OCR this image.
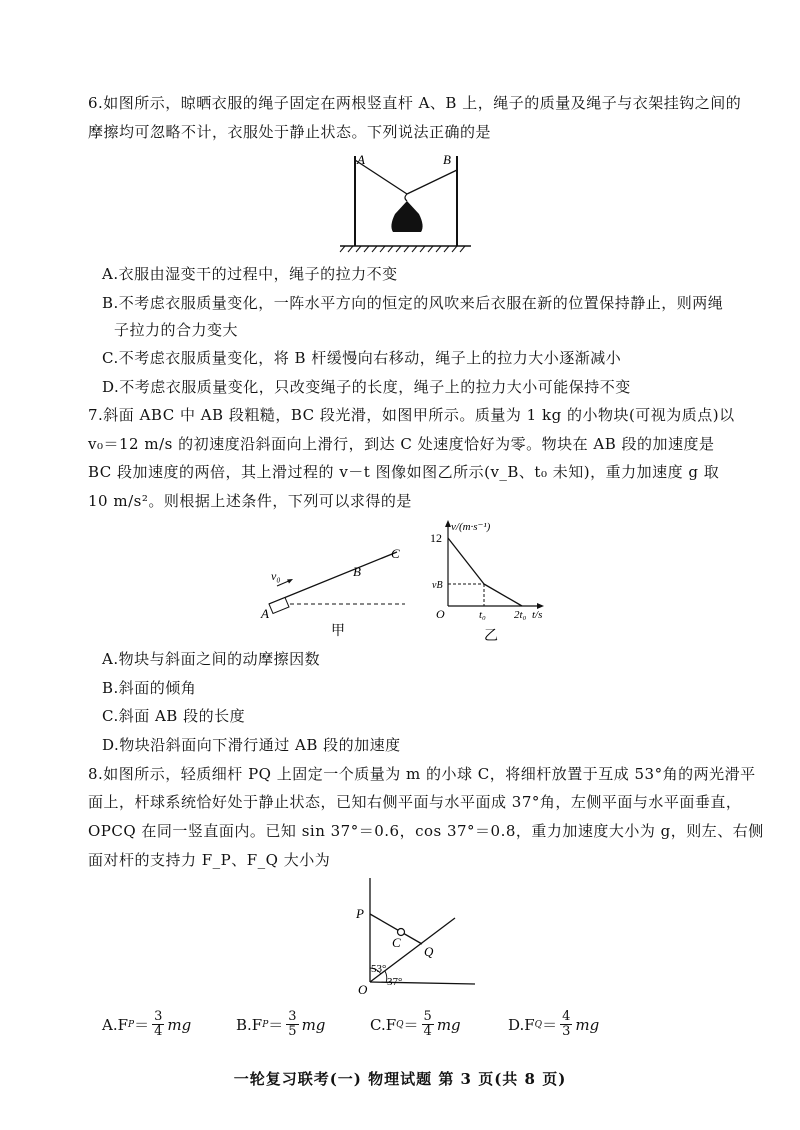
6.如图所示，晾晒衣服的绳子固定在两根竖直杆 A、B 上，绳子的质量及绳子与衣架挂钩之间的
摩擦均可忽略不计，衣服处于静止状态。下列说法正确的是
A	B
A.衣服由湿变干的过程中，绳子的拉力不变
B.不考虑衣服质量变化，一阵水平方向的恒定的风吹来后衣服在新的位置保持静止，则两绳
子拉力的合力变大
C.不考虑衣服质量变化，将 B 杆缓慢向右移动，绳子上的拉力大小逐渐减小
D.不考虑衣服质量变化，只改变绳子的长度，绳子上的拉力大小可能保持不变
7.斜面 ABC 中 AB 段粗糙，BC 段光滑，如图甲所示。质量为 1 kg 的小物块(可视为质点)以
v₀＝12 m/s 的初速度沿斜面向上滑行，到达 C 处速度恰好为零。物块在 AB 段的加速度是
BC 段加速度的两倍，其上滑过程的 v－t 图像如图乙所示(v_B、t₀ 未知)，重力加速度 g 取
10 m/s²。则根据上述条件，下列可以求得的是
v₀
A
B
C
甲
v/(m·s⁻¹)
12
vB
O	t₀	2t₀ t/s
乙
A.物块与斜面之间的动摩擦因数
B.斜面的倾角
C.斜面 AB 段的长度
D.物块沿斜面向下滑行通过 AB 段的加速度
8.如图所示，轻质细杆 PQ 上固定一个质量为 m 的小球 C，将细杆放置于互成 53°角的两光滑平
面上，杆球系统恰好处于静止状态，已知右侧平面与水平面成 37°角，左侧平面与水平面垂直，
OPCQ 在同一竖直面内。已知 sin 37°＝0.6，cos 37°＝0.8，重力加速度大小为 g，则左、右侧
面对杆的支持力 F_P、F_Q 大小为
P
C
Q
O
53°
37°
A.F $P = \frac{3}{4}$ mg	B.F $P = \frac{3}{5}$ mg	C.F $Q = \frac{5}{4}$ mg	D.F $Q = \frac{4}{3}$ mg
一轮复习联考(一) 物理试题 第 3 页(共 8 页)
